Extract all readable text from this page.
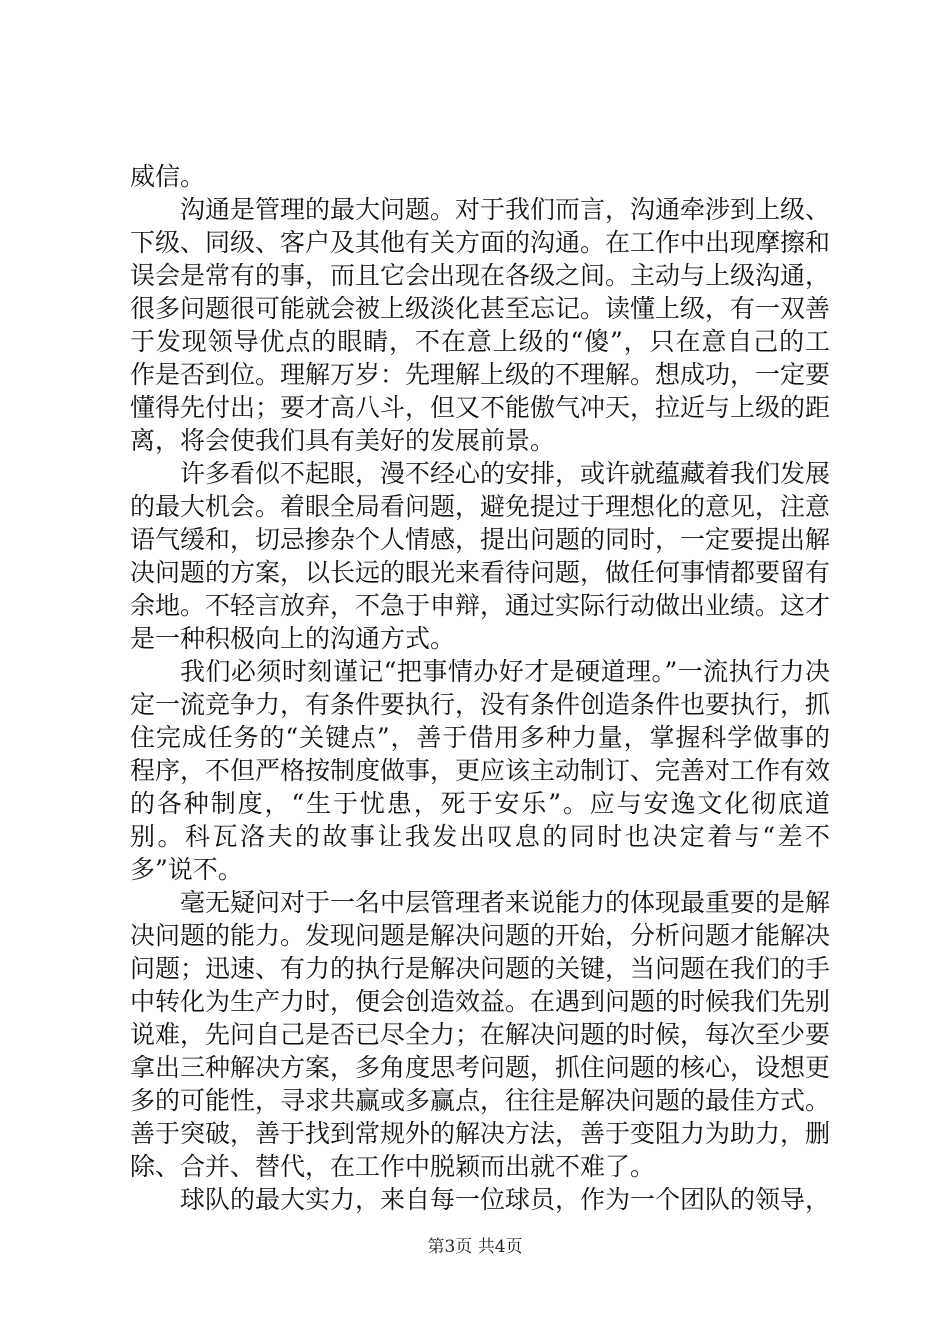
威信。

沟通是管理的最大问题。对于我们而言，沟通牵涉到上级、下级、同级、客户及其他有关方面的沟通。在工作中出现摩擦和误会是常有的事，而且它会出现在各级之间。主动与上级沟通，很多问题很可能就会被上级淡化甚至忘记。读懂上级，有一双善于发现领导优点的眼睛，不在意上级的“傻”，只在意自己的工作是否到位。理解万岁：先理解上级的不理解。想成功，一定要懂得先付出；要才高八斗，但又不能傲气冲天，拉近与上级的距离，将会使我们具有美好的发展前景。

许多看似不起眼，漫不经心的安排，或许就蕴藏着我们发展的最大机会。着眼全局看问题，避免提过于理想化的意见，注意语气缓和，切忌掺杂个人情感，提出问题的同时，一定要提出解决问题的方案，以长远的眼光来看待问题，做任何事情都要留有余地。不轻言放弃，不急于申辩，通过实际行动做出业绩。这才是一种积极向上的沟通方式。

我们必须时刻谨记“把事情办好才是硬道理。”一流执行力决定一流竞争力，有条件要执行，没有条件创造条件也要执行，抓住完成任务的“关键点”，善于借用多种力量，掌握科学做事的程序，不但严格按制度做事，更应该主动制订、完善对工作有效的各种制度，“生于忧患，死于安乐”。应与安逸文化彻底道别。科瓦洛夫的故事让我发出叹息的同时也决定着与“差不多”说不。

毫无疑问对于一名中层管理者来说能力的体现最重要的是解决问题的能力。发现问题是解决问题的开始，分析问题才能解决问题；迅速、有力的执行是解决问题的关键，当问题在我们的手中转化为生产力时，便会创造效益。在遇到问题的时候我们先别说难，先问自己是否已尽全力；在解决问题的时候，每次至少要拿出三种解决方案，多角度思考问题，抓住问题的核心，设想更多的可能性，寻求共赢或多赢点，往往是解决问题的最佳方式。善于突破，善于找到常规外的解决方法，善于变阻力为助力，删除、合并、替代，在工作中脱颖而出就不难了。

球队的最大实力，来自每一位球员，作为一个团队的领导，

第3页 共4页
